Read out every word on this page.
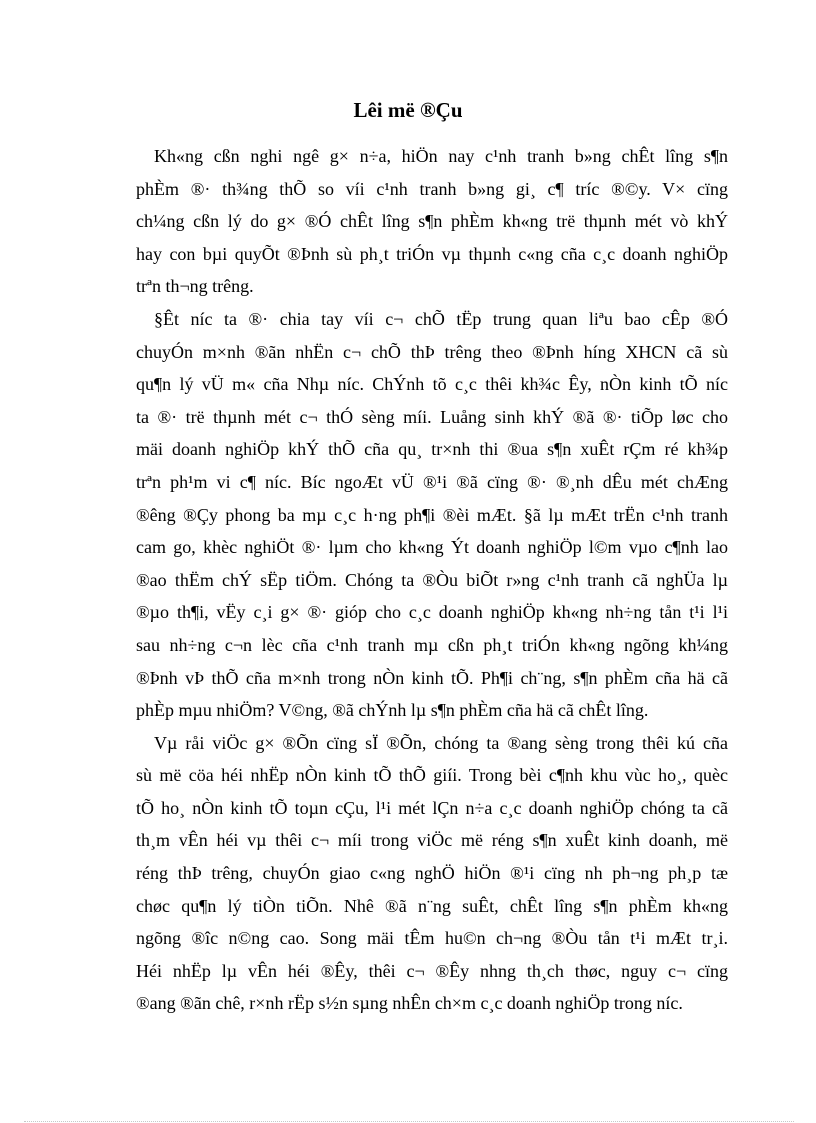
Lêi më ®Çu
Kh«ng cßn nghi ngê g× n÷a, hiÖn nay c¹nh tranh b»ng chÊt lîng s¶n
phÈm ®· th¾ng thÕ so víi c¹nh tranh b»ng gi¸ c¶ tríc ®©y. V× cïng
ch¼ng cßn lý do g× ®Ó chÊt lîng s¶n phÈm kh«ng trë thµnh mét vò khÝ
hay con bµi quyÕt ®Þnh sù ph¸t triÓn vµ thµnh c«ng cña c¸c doanh nghiÖp
trªn th¬ng trêng.
§Êt níc ta ®· chia tay víi c¬ chÕ tËp trung quan liªu bao cÊp ®Ó
chuyÓn m×nh ®ãn nhËn c¬ chÕ thÞ trêng theo ®Þnh híng XHCN cã sù
qu¶n lý vÜ m« cña Nhµ níc. ChÝnh tõ c¸c thêi kh¾c Êy, nÒn kinh tÕ níc
ta ®· trë thµnh mét c¬ thÓ sèng míi. Luång sinh khÝ ®ã ®· tiÕp løc cho
mäi doanh nghiÖp khÝ thÕ cña qu¸ tr×nh thi ®ua s¶n xuÊt rÇm ré kh¾p
trªn ph¹m vi c¶ níc. Bíc ngoÆt vÜ ®¹i ®ã cïng ®· ®¸nh dÊu mét chÆng
®êng ®Çy phong ba mµ c¸c h·ng ph¶i ®èi mÆt. §ã lµ mÆt trËn c¹nh tranh
cam go, khèc nghiÖt ®· lµm cho kh«ng Ýt doanh nghiÖp l©m vµo c¶nh lao
®ao thËm chÝ sËp tiÖm. Chóng ta ®Òu biÕt r»ng c¹nh tranh cã nghÜa lµ
®µo th¶i, vËy c¸i g× ®· gióp cho c¸c doanh nghiÖp kh«ng nh÷ng tån t¹i l¹i
sau nh÷ng c¬n lèc cña c¹nh tranh mµ cßn ph¸t triÓn kh«ng ngõng kh¼ng
®Þnh vÞ thÕ cña m×nh trong nÒn kinh tÕ. Ph¶i ch¨ng, s¶n phÈm cña hä cã
phÈp mµu nhiÖm? V©ng, ®ã chÝnh lµ s¶n phÈm cña hä cã chÊt lîng.
Vµ råi viÖc g× ®Õn cïng sÏ ®Õn, chóng ta ®ang sèng trong thêi kú cña
sù më cöa héi nhËp nÒn kinh tÕ thÕ giíi. Trong bèi c¶nh khu vùc ho¸, quèc
tÕ ho¸ nÒn kinh tÕ toµn cÇu, l¹i mét lÇn n÷a c¸c doanh nghiÖp chóng ta cã
th¸m vÊn héi vµ thêi c¬ míi trong viÖc më réng s¶n xuÊt kinh doanh, më
réng thÞ trêng, chuyÓn giao c«ng nghÖ hiÖn ®¹i cïng nh ph¬ng ph¸p tæ
chøc qu¶n lý tiÒn tiÕn. Nhê ®ã n¨ng suÊt, chÊt lîng s¶n phÈm kh«ng
ngõng ®îc n©ng cao. Song mäi tÊm hu©n ch¬ng ®Òu tån t¹i mÆt tr¸i.
Héi nhËp lµ vÊn héi ®Êy, thêi c¬ ®Êy nhng th¸ch thøc, nguy c¬ cïng
®ang ®ãn chê, r×nh rËp s½n sµng nhÊn ch×m c¸c doanh nghiÖp trong níc.
